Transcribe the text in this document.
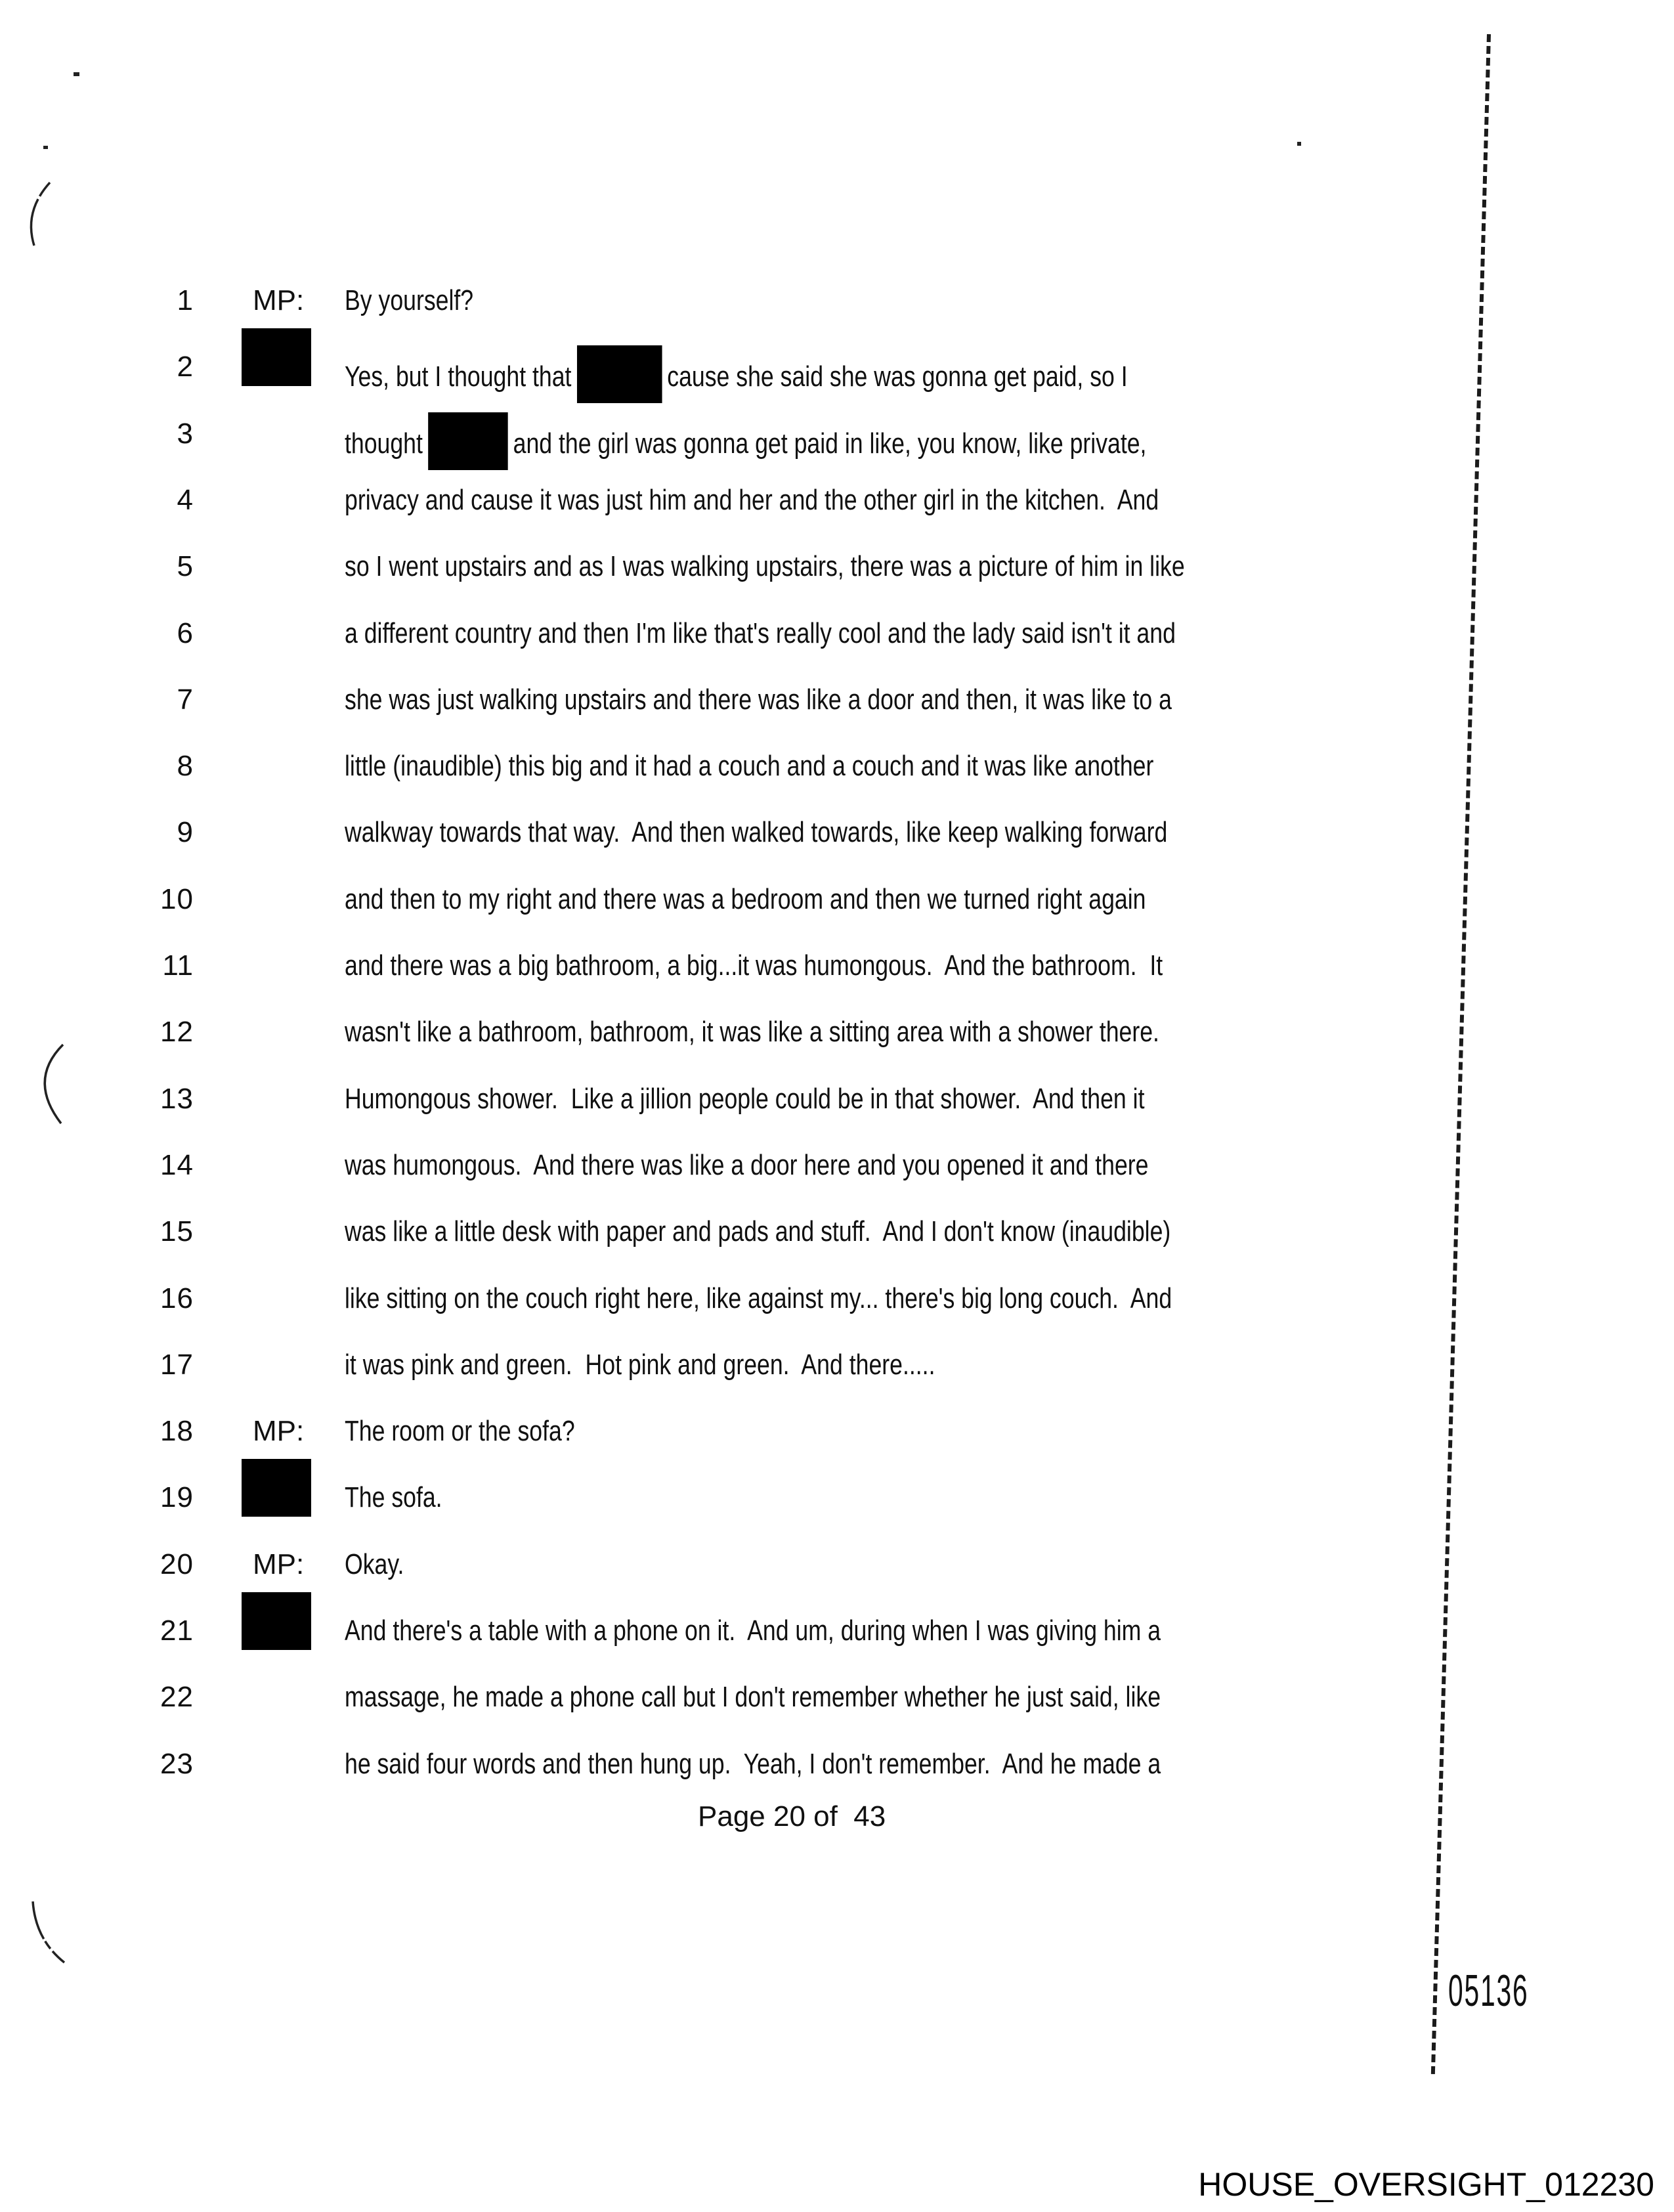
1 MP: By yourself?
2	Yes, but I thought that	cause she said she was gonna get paid, so I
3	thought	and the girl was gonna get paid in like, you know, like private,
4	privacy and cause it was just him and her and the other girl in the kitchen.  And
5	so I went upstairs and as I was walking upstairs, there was a picture of him in like
6	a different country and then I'm like that's really cool and the lady said isn't it and
7	she was just walking upstairs and there was like a door and then, it was like to a
8	little (inaudible) this big and it had a couch and a couch and it was like another
9	walkway towards that way.  And then walked towards, like keep walking forward
10	and then to my right and there was a bedroom and then we turned right again
11	and there was a big bathroom, a big...it was humongous.  And the bathroom.  It
12	wasn't like a bathroom, bathroom, it was like a sitting area with a shower there.
13	Humongous shower.  Like a jillion people could be in that shower.  And then it
14	was humongous.  And there was like a door here and you opened it and there
15	was like a little desk with paper and pads and stuff.  And I don't know (inaudible)
16	like sitting on the couch right here, like against my... there's big long couch.  And
17	it was pink and green.  Hot pink and green.  And there.....
18 MP: The room or the sofa?
19	The sofa.
20 MP: Okay.
21	And there's a table with a phone on it.  And um, during when I was giving him a
22	massage, he made a phone call but I don't remember whether he just said, like
23	he said four words and then hung up.  Yeah, I don't remember.  And he made a
Page 20 of  43
05136
HOUSE_OVERSIGHT_012230
